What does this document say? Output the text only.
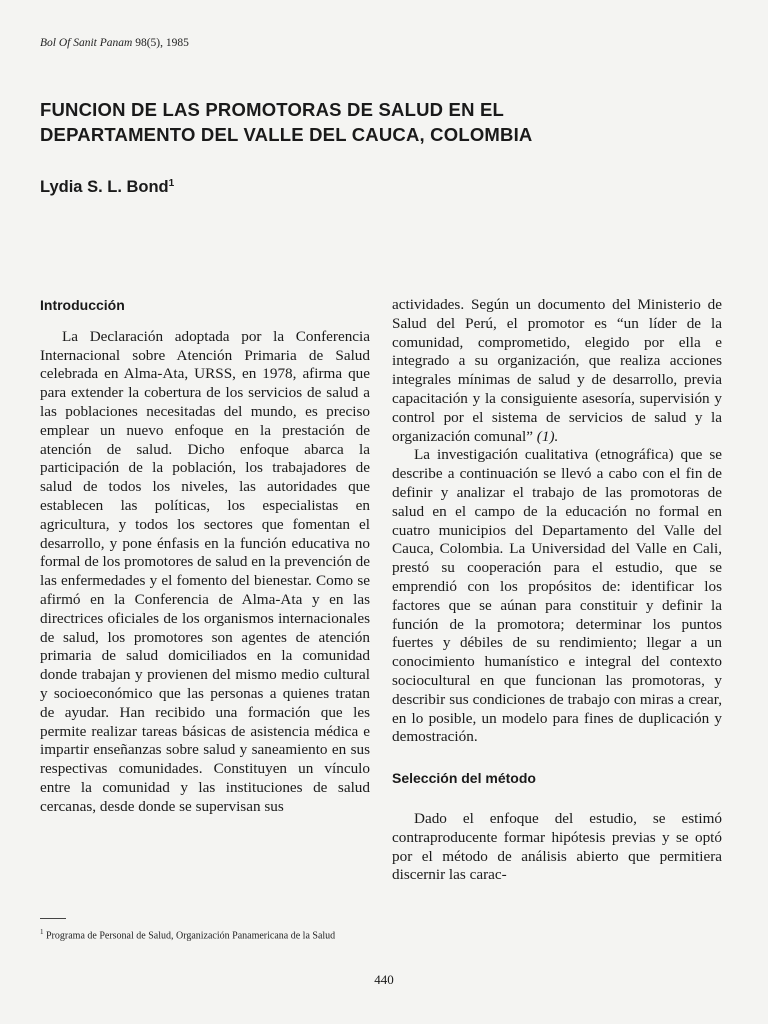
Bol Of Sanit Panam 98(5), 1985
FUNCION DE LAS PROMOTORAS DE SALUD EN EL
DEPARTAMENTO DEL VALLE DEL CAUCA, COLOMBIA
Lydia S. L. Bond$^1$
Introducción

La Declaración adoptada por la Conferencia Internacional sobre Atención Primaria de Salud celebrada en Alma-Ata, URSS, en 1978, afirma que para extender la cobertura de los servicios de salud a las poblaciones necesitadas del mundo, es preciso emplear un nuevo enfoque en la prestación de atención de salud. Dicho enfoque abarca la participación de la población, los trabajadores de salud de todos los niveles, las autoridades que establecen las políticas, los especialistas en agricultura, y todos los sectores que fomentan el desarrollo, y pone énfasis en la función educativa no formal de los promotores de salud en la prevención de las enfermedades y el fomento del bienestar. Como se afirmó en la Conferencia de Alma-Ata y en las directrices oficiales de los organismos internacionales de salud, los promotores son agentes de atención primaria de salud domiciliados en la comunidad donde trabajan y provienen del mismo medio cultural y socioeconómico que las personas a quienes tratan de ayudar. Han recibido una formación que les permite realizar tareas básicas de asistencia médica e impartir enseñanzas sobre salud y saneamiento en sus respectivas comunidades. Constituyen un vínculo entre la comunidad y las instituciones de salud cercanas, desde donde se supervisan sus

actividades. Según un documento del Ministerio de Salud del Perú, el promotor es “un líder de la comunidad, comprometido, elegido por ella e integrado a su organización, que realiza acciones integrales mínimas de salud y de desarrollo, previa capacitación y la consiguiente asesoría, supervisión y control por el sistema de servicios de salud y la organización comunal” (1).

La investigación cualitativa (etnográfica) que se describe a continuación se llevó a cabo con el fin de definir y analizar el trabajo de las promotoras de salud en el campo de la educación no formal en cuatro municipios del Departamento del Valle del Cauca, Colombia. La Universidad del Valle en Cali, prestó su cooperación para el estudio, que se emprendió con los propósitos de: identificar los factores que se aúnan para constituir y definir la función de la promotora; determinar los puntos fuertes y débiles de su rendimiento; llegar a un conocimiento humanístico e integral del contexto sociocultural en que funcionan las promotoras, y describir sus condiciones de trabajo con miras a crear, en lo posible, un modelo para fines de duplicación y demostración.

Selección del método

Dado el enfoque del estudio, se estimó contraproducente formar hipótesis previas y se optó por el método de análisis abierto que permitiera discernir las carac-

$^1$ Programa de Personal de Salud, Organización Panamericana de la Salud
440
